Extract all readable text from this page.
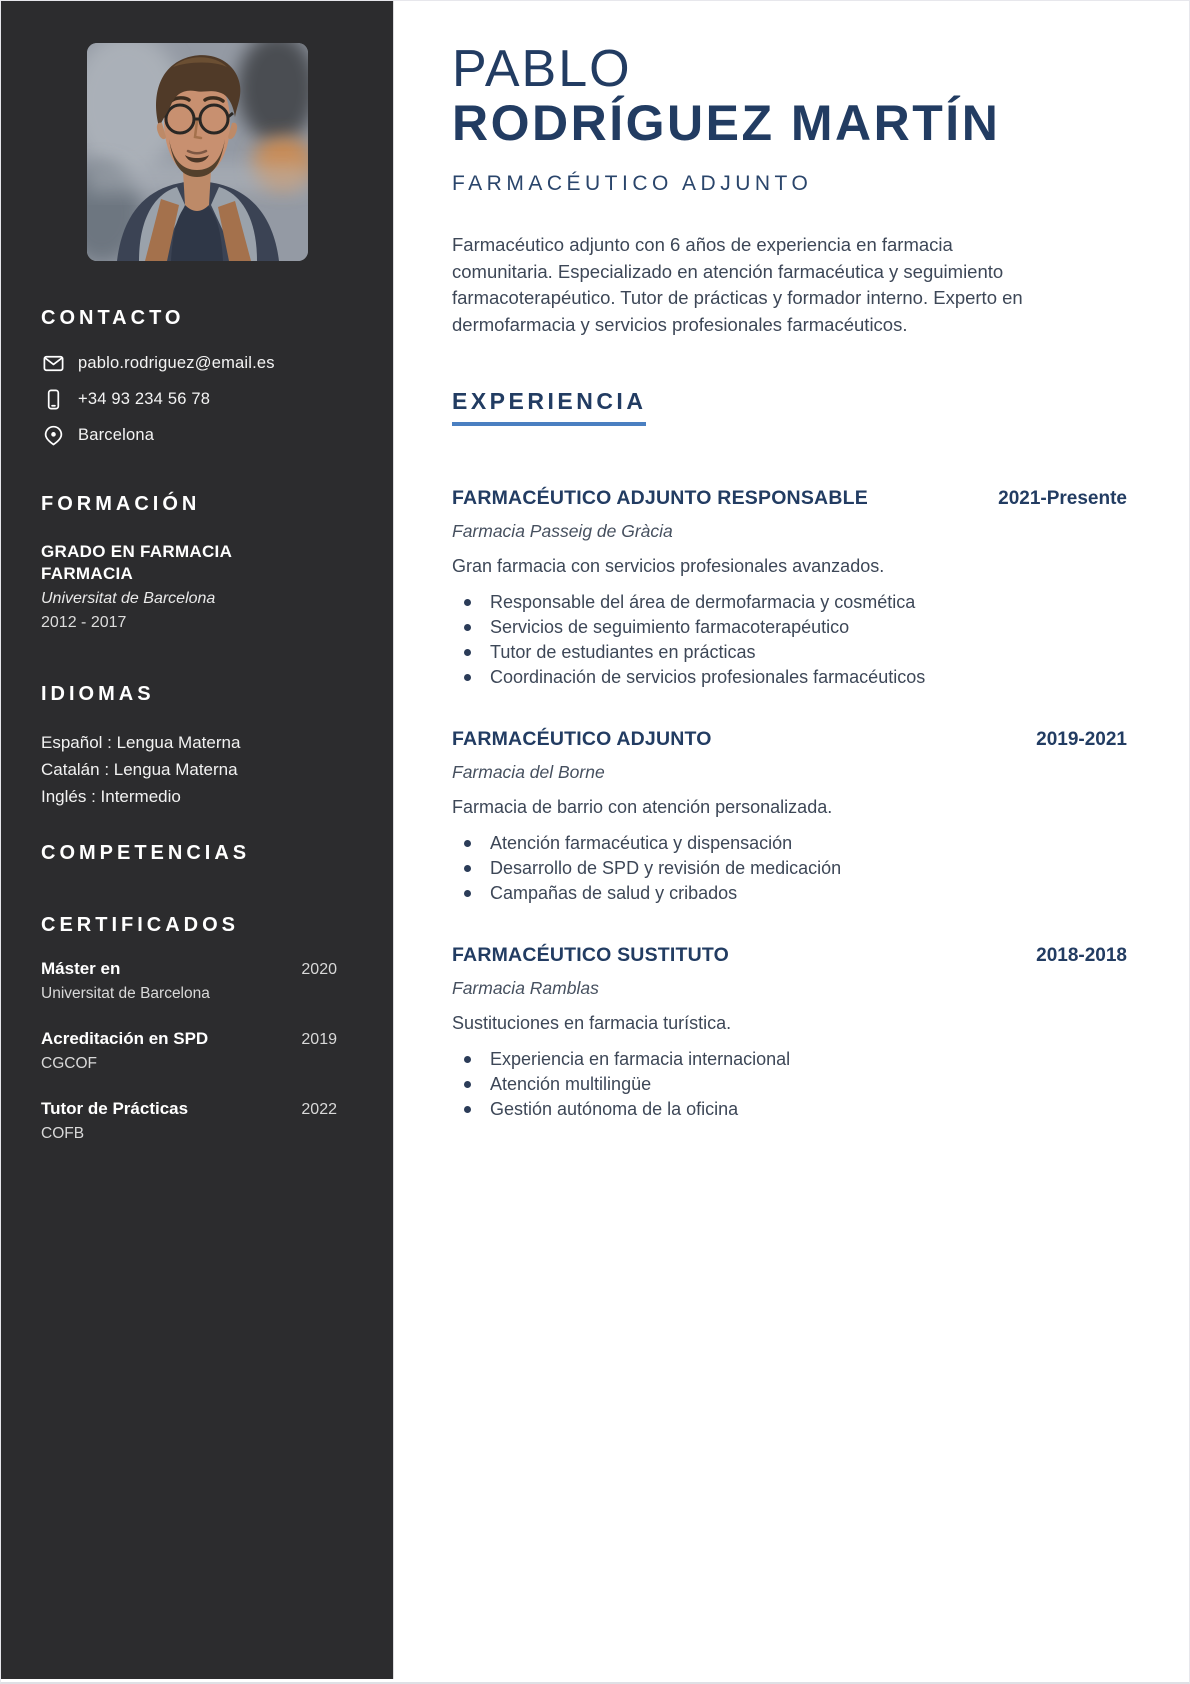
CONTACTO
pablo.rodriguez@email.es
+34 93 234 56 78
Barcelona
FORMACIÓN
GRADO EN FARMACIA
FARMACIA
Universitat de Barcelona
2012 - 2017
IDIOMAS
Español : Lengua Materna
Catalán : Lengua Materna
Inglés : Intermedio
COMPETENCIAS
CERTIFICADOS
Máster en	2020
Universitat de Barcelona
Acreditación en SPD	2019
CGCOF
Tutor de Prácticas	2022
COFB
PABLO
RODRÍGUEZ MARTÍN
FARMACÉUTICO ADJUNTO
Farmacéutico adjunto con 6 años de experiencia en farmacia
comunitaria. Especializado en atención farmacéutica y seguimiento
farmacoterapéutico. Tutor de prácticas y formador interno. Experto en
dermofarmacia y servicios profesionales farmacéuticos.
EXPERIENCIA
FARMACÉUTICO ADJUNTO RESPONSABLE	2021-Presente
Farmacia Passeig de Gràcia
Gran farmacia con servicios profesionales avanzados.
Responsable del área de dermofarmacia y cosmética
Servicios de seguimiento farmacoterapéutico
Tutor de estudiantes en prácticas
Coordinación de servicios profesionales farmacéuticos
FARMACÉUTICO ADJUNTO	2019-2021
Farmacia del Borne
Farmacia de barrio con atención personalizada.
Atención farmacéutica y dispensación
Desarrollo de SPD y revisión de medicación
Campañas de salud y cribados
FARMACÉUTICO SUSTITUTO	2018-2018
Farmacia Ramblas
Sustituciones en farmacia turística.
Experiencia en farmacia internacional
Atención multilingüe
Gestión autónoma de la oficina
